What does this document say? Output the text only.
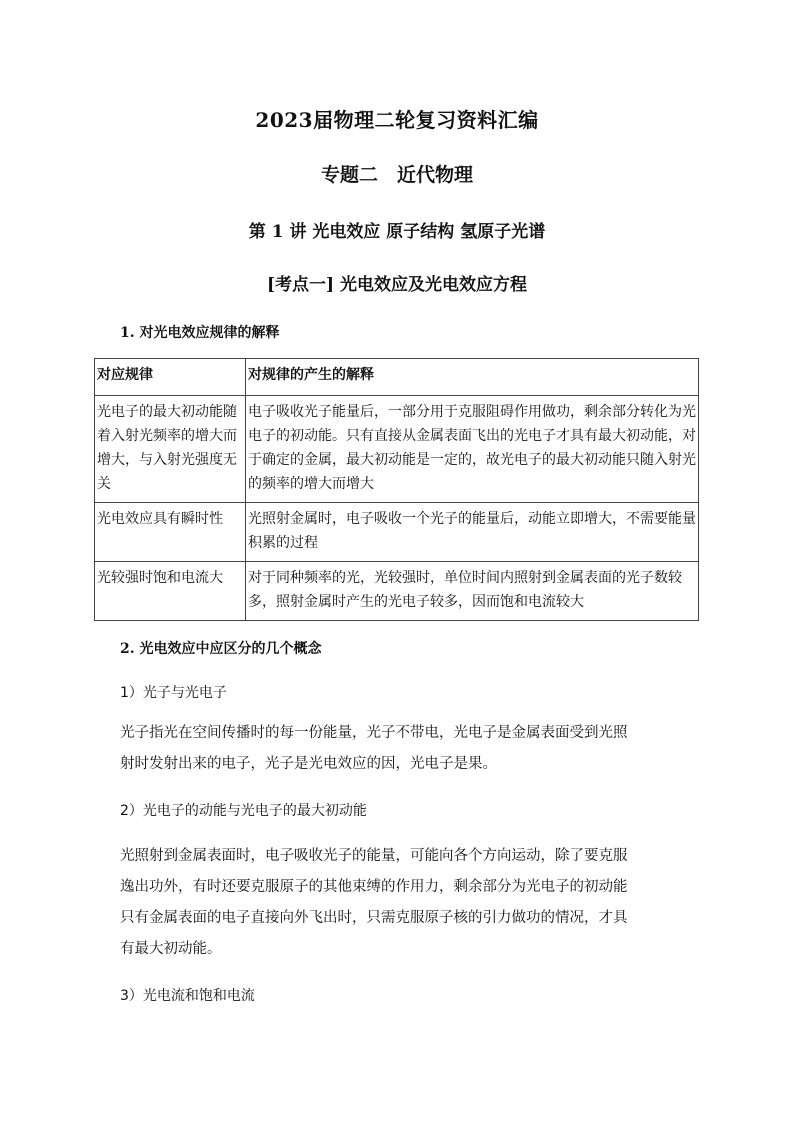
2023届物理二轮复习资料汇编
专题二　近代物理
第 1 讲 光电效应 原子结构 氢原子光谱
[考点一] 光电效应及光电效应方程
1. 对光电效应规律的解释
对应规律	对规律的产生的解释
光电子的最大初动能随着入射光频率的增大而增大，与入射光强度无关	电子吸收光子能量后，一部分用于克服阻碍作用做功，剩余部分转化为光电子的初动能。只有直接从金属表面飞出的光电子才具有最大初动能，对于确定的金属，最大初动能是一定的，故光电子的最大初动能只随入射光的频率的增大而增大
光电效应具有瞬时性	光照射金属时，电子吸收一个光子的能量后，动能立即增大，不需要能量积累的过程
光较强时饱和电流大	对于同种频率的光，光较强时，单位时间内照射到金属表面的光子数较多，照射金属时产生的光电子较多，因而饱和电流较大
2. 光电效应中应区分的几个概念
1）光子与光电子
光子指光在空间传播时的每一份能量，光子不带电，光电子是金属表面受到光照
射时发射出来的电子，光子是光电效应的因，光电子是果。
2）光电子的动能与光电子的最大初动能
光照射到金属表面时，电子吸收光子的能量，可能向各个方向运动，除了要克服
逸出功外，有时还要克服原子的其他束缚的作用力，剩余部分为光电子的初动能
只有金属表面的电子直接向外飞出时，只需克服原子核的引力做功的情况，才具
有最大初动能。
3）光电流和饱和电流
